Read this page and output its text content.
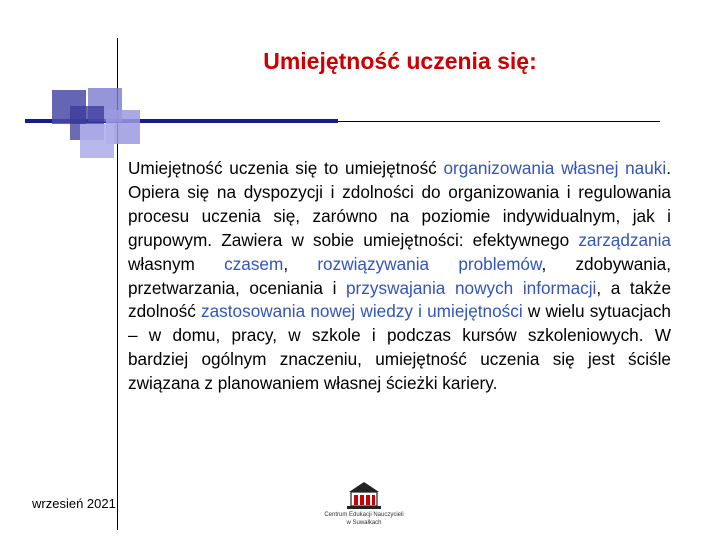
Umiejętność uczenia się:
Umiejętność uczenia się to umiejętność organizowania własnej nauki. Opiera się na dyspozycji i zdolności do organizowania i regulowania procesu uczenia się, zarówno na poziomie indywidualnym, jak i grupowym. Zawiera w sobie umiejętności: efektywnego zarządzania własnym czasem, rozwiązywania problemów, zdobywania, przetwarzania, oceniania i przyswajania nowych informacji, a także zdolność zastosowania nowej wiedzy i umiejętności w wielu sytuacjach – w domu, pracy, w szkole i podczas kursów szkoleniowych. W bardziej ogólnym znaczeniu, umiejętność uczenia się jest ściśle związana z planowaniem własnej ścieżki kariery.
wrzesień 2021
Centrum Edukacji Nauczycieli
w Suwałkach
